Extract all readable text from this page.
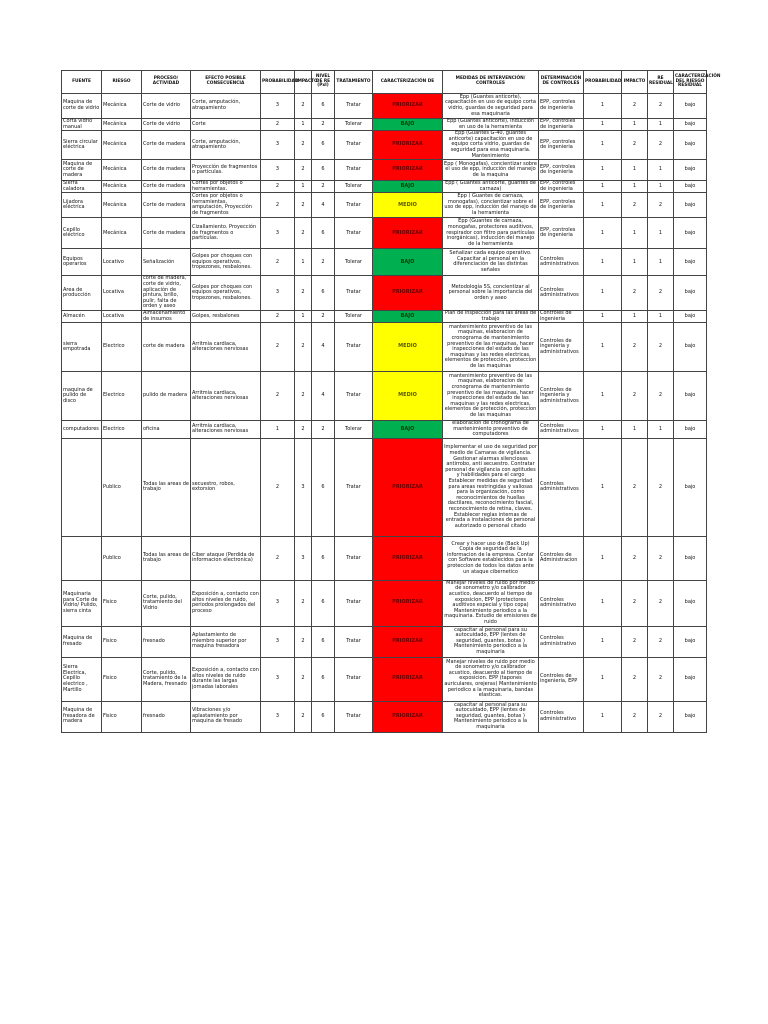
FUENTE	RIESGO	PROCESO/ ACTIVIDAD	EFECTO POSIBLE CONSECUENCIA	PROBABILIDAD	IMPACTO	NIVEL DE RE (PxI)	TRATAMIENTO	CARACTERIZACIÓN DE	MEDIDAS DE INTERVENCIÓN/ CONTROLES	DETERMINACIÓN DE CONTROLES	PROBABILIDAD	IMPACTO	RE RESIDUAL	CARACTERIZACIÓN DEL RIESGO RESIDUAL
Maquina de corte de vidrio	Mecánica	Corte de vidrio	Corte, amputación, atrapamiento	3	2	6	Tratar	PRIORIZAR	Epp (Guantes anticorte), capacitación en uso de equipo corta vidrio, guardas de seguridad para esa maquinaria	EPP, controles de ingenieria	1	2	2	bajo
Corta vidrio manual	Mecánica	Corte de vidrio	Corte	2	1	2	Tolerar	BAJO	Epp (Guantes anticorte), inducción en uso de la herramienta	EPP, controles de ingenieria	1	1	1	bajo
Sierra circular eléctrica	Mecánica	Corte de madera	Corte, amputación, atrapamiento	3	2	6	Tratar	PRIORIZAR	Epp (Guantes G-40, guantes anticorte) capacitación en uso de equipo corta vidrio, guardas de seguridad para esa maquinaria. Mantenimiento	EPP, controles de ingenieria	1	2	2	bajo
Maquina de corte de madera	Mecánica	Corte de madera	Proyección de fragmentos o partículas.	3	2	6	Tratar	PRIORIZAR	Epp ( Monogafas), concientizar sobre el uso de epp, inducción del manejo de la maquina	EPP, controles de ingenieria	1	1	1	bajo
Sierra caladora	Mecánica	Corte de madera	Cortes por objetos o herramientas.	2	1	2	Tolerar	BAJO	Epp ( Guantes anticorte, guantes de carnaza)	EPP, controles de ingenieria	1	1	1	bajo
Lijadora eléctrica	Mecánica	Corte de madera	Cortes por objetos o herramientas, amputación, Proyección de fragmentos	2	2	4	Tratar	MEDIO	Epp ( Guantes de carnaza, monogafas), concientizar sobre el uso de epp, inducción del manejo de la herramienta	EPP, controles de ingenieria	1	2	2	bajo
Cepillo eléctrico	Mecánica	Corte de madera	Cizallamiento. Proyección de fragmentos o partículas.	3	2	6	Tratar	PRIORIZAR	Epp (Guantes de carnaza, monogafas, protectores auditivos, respirador con filtro para partículas inorgánicas), inducción del manejo de la herramienta	EPP, controles de ingenieria	1	1	1	bajo
Equipos operarios	Locativo	Señalización	Golpes por choques con equipos operativos, tropezones, resbalones.	2	1	2	Tolerar	BAJO	Señalizar cada equipo operativo. Capacitar al personal en la diferenciación de las distintas señales	Controles administrativos	1	1	1	bajo
Area de producción	Locativa	corte de madera, corte de vidrio, aplicación de pintura, brillo, pulir, falta de orden y aseo	Golpes por choques con equipos operativos, tropezones, resbalones.	3	2	6	Tratar	PRIORIZAR	Metodología 5S, concientizar al personal sobre la importancia del orden y aseo	Controles administrativos	1	2	2	bajo
Almacén	Locativa	Almacenamiento de insumos	Golpes, resbalones	2	1	2	Tolerar	BAJO	Plan de inspección para las áreas de trabajo	Controles de ingenieria	1	1	1	bajo
sierra empotrada	Electrico	corte de madera	Arritmia cardiaca, alteraciones nerviosas	2	2	4	Tratar	MEDIO	mantenimiento preventivo de las maquinas, elaboracion de cronograma de mantenimiento preventivo de las maquinas, hacer inspecciones del estado de las maquinas y las redes electricas, elementos de protección, proteccion de las maquinas	Controles de ingenieria y administrativos	1	2	2	bajo
maquina de pulido de disco	Electrico	pulido de madera	Arritmia cardiaca, alteraciones nerviosas	2	2	4	Tratar	MEDIO	mantenimiento preventivo de las maquinas, elaboracion de cronograma de mantenimiento preventivo de las maquinas, hacer inspecciones del estado de las maquinas y las redes electricas, elementos de protección, proteccion de las maquinas	Controles de ingenieria y administrativos	1	2	2	bajo
computadores	Electrico	oficina	Arritmia cardiaca, alteraciones nerviosas	1	2	2	Tolerar	BAJO	elaboracion de cronograma de mantenimiento preventivo de computadores	Controles administrativos	1	1	1	bajo
	Publico	Todas las areas de trabajo	secuestro, robos, extorsion	2	3	6	Tratar	PRIORIZAR	Implementar el uso de seguridad por medio de Camaras de vigilancia. Gestionar alarmas silenciosas antirrobo, anti secuestro. Contratar personal de vigilancia con aptitudes y habilidades para el cargo Establecer medidas de seguridad para areas restringidas y valiosas para la organización, como reconocimientos de huellas dactilares, reconocimiento fascial, reconocimiento de retina, claves. Establecer reglas internas de entrada a instalaciones de personal autorizado o personal citado	Controles administrativos	1	2	2	bajo
	Publico	Todas las areas de trabajo	Ciber ataque (Perdida de informacion electronica)	2	3	6	Tratar	PRIORIZAR	Crear y hacer uso de (Back Up) Copia de seguridad de la informacion de la empresa. Contar con Software establecidos para la proteccion de todos los datos ante un ataque cibernetico	Controles de Administracion	1	2	2	bajo
Maquinaria para Corte de Vidrio/ Pulido, sierra cinta	Fisico	Corte, pulido, tratamiento del Vidrio	Exposición a, contacto con altos niveles de ruido, periodos prolongados del proceso	3	2	6	Tratar	PRIORIZAR	Manejar niveles de ruido por medio de sonometro y/o calibrador acustico, deacuerdo al tiempo de exposicion, EPP (protectores auditivos especial y tipo copa) Mantenimiento periodico a la maquinaria. Estudio de emisiones de ruido	Controles administrativo	1	2	2	bajo
Maquina de fresado	Fisico	fresnado	Aplastamiento de miembro superior por maquina fresadora	3	2	6	Tratar	PRIORIZAR	capacitar al personal para su autocuidado, EPP (lentes de seguridad, guantes, botas ) Mantenimiento periodico a la maquinaria	Controles administrativo	1	2	2	bajo
Sierra Electrica, Cepillo electrico , Martillo	Fisico	Corte, pulido, tratamiento de la Madera, fresnado	Exposición a, contacto con altos niveles de ruido durante las largas jornadas laborales	3	2	6	Tratar	PRIORIZAR	Manejar niveles de ruido por medio de sonometro y/o calibrador acustico, deacuerdo al tiempo de exposicion. EPP (tapones auriculares, orejeras) Mantenimiento periodico a la maquinaria, bandas elasticas.	Controles de ingenieria, EPP	1	2	2	bajo
Maquina de fresadora de madera	Fisico	fresnado	Vibraciones y/o aplastamiento por maquina de fresado	3	2	6	Tratar	PRIORIZAR	capacitar al personal para su autocuidado, EPP (lentes de seguridad, guantes, botas ) Mantenimiento periodico a la maquinaria	Controles administrativo	1	2	2	bajo
